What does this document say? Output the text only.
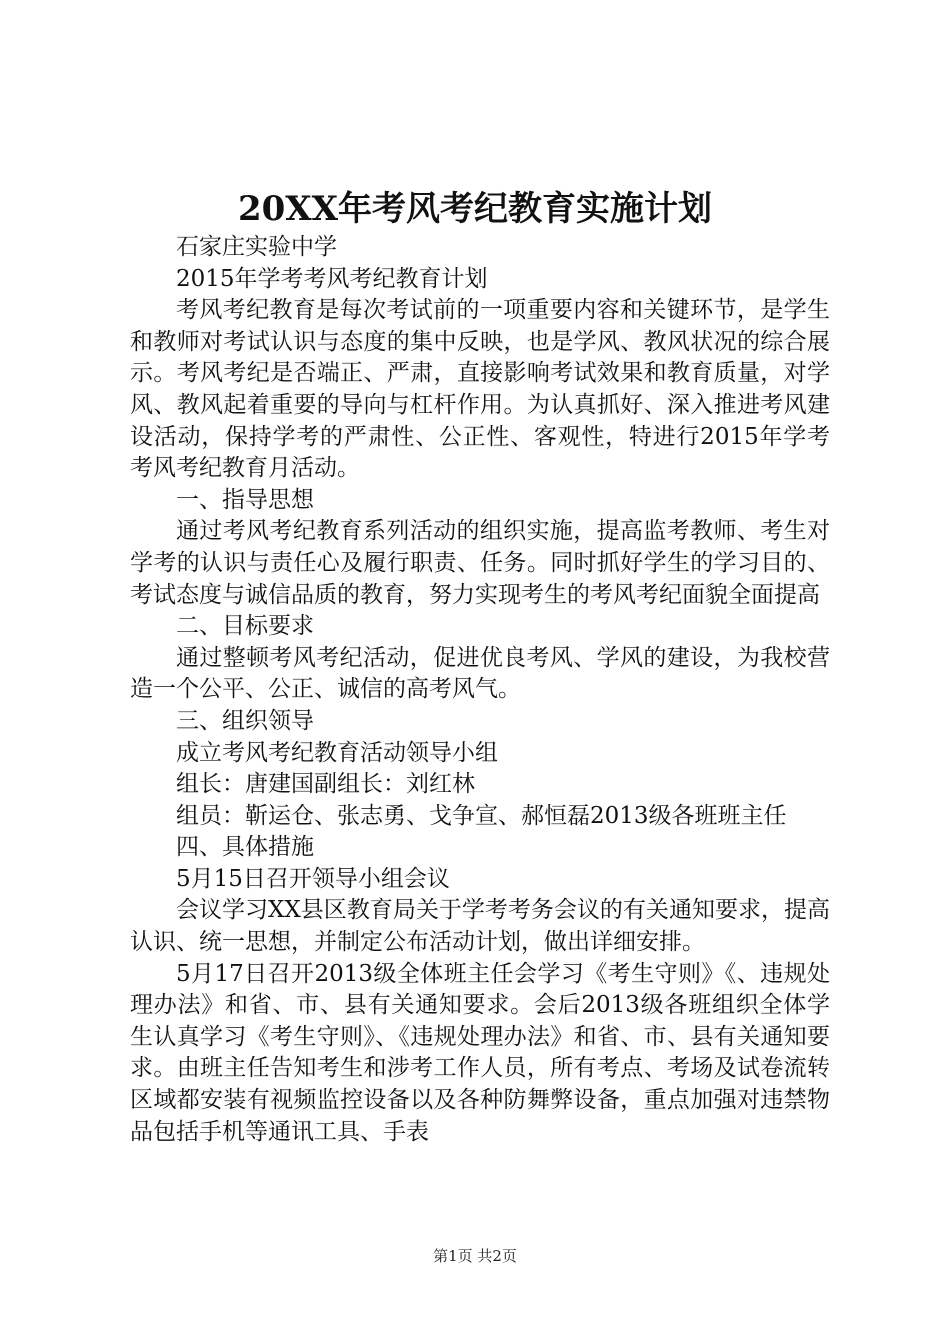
20XX年考风考纪教育实施计划

石家庄实验中学

2015年学考考风考纪教育计划

考风考纪教育是每次考试前的一项重要内容和关键环节，是学生和教师对考试认识与态度的集中反映，也是学风、教风状况的综合展示。考风考纪是否端正、严肃，直接影响考试效果和教育质量，对学风、教风起着重要的导向与杠杆作用。为认真抓好、深入推进考风建设活动，保持学考的严肃性、公正性、客观性，特进行2015年学考考风考纪教育月活动。

一、指导思想

通过考风考纪教育系列活动的组织实施，提高监考教师、考生对学考的认识与责任心及履行职责、任务。同时抓好学生的学习目的、考试态度与诚信品质的教育，努力实现考生的考风考纪面貌全面提高

二、目标要求

通过整顿考风考纪活动，促进优良考风、学风的建设，为我校营造一个公平、公正、诚信的高考风气。

三、组织领导

成立考风考纪教育活动领导小组

组长：唐建国副组长：刘红林

组员：靳运仓、张志勇、戈争宣、郝恒磊2013级各班班主任

四、具体措施

5月15日召开领导小组会议

会议学习XX县区教育局关于学考考务会议的有关通知要求，提高认识、统一思想，并制定公布活动计划，做出详细安排。

5月17日召开2013级全体班主任会学习《考生守则》《、违规处理办法》和省、市、县有关通知要求。会后2013级各班组织全体学生认真学习《考生守则》、《违规处理办法》和省、市、县有关通知要求。由班主任告知考生和涉考工作人员，所有考点、考场及试卷流转区域都安装有视频监控设备以及各种防舞弊设备，重点加强对违禁物品包括手机等通讯工具、手表

第1页 共2页
